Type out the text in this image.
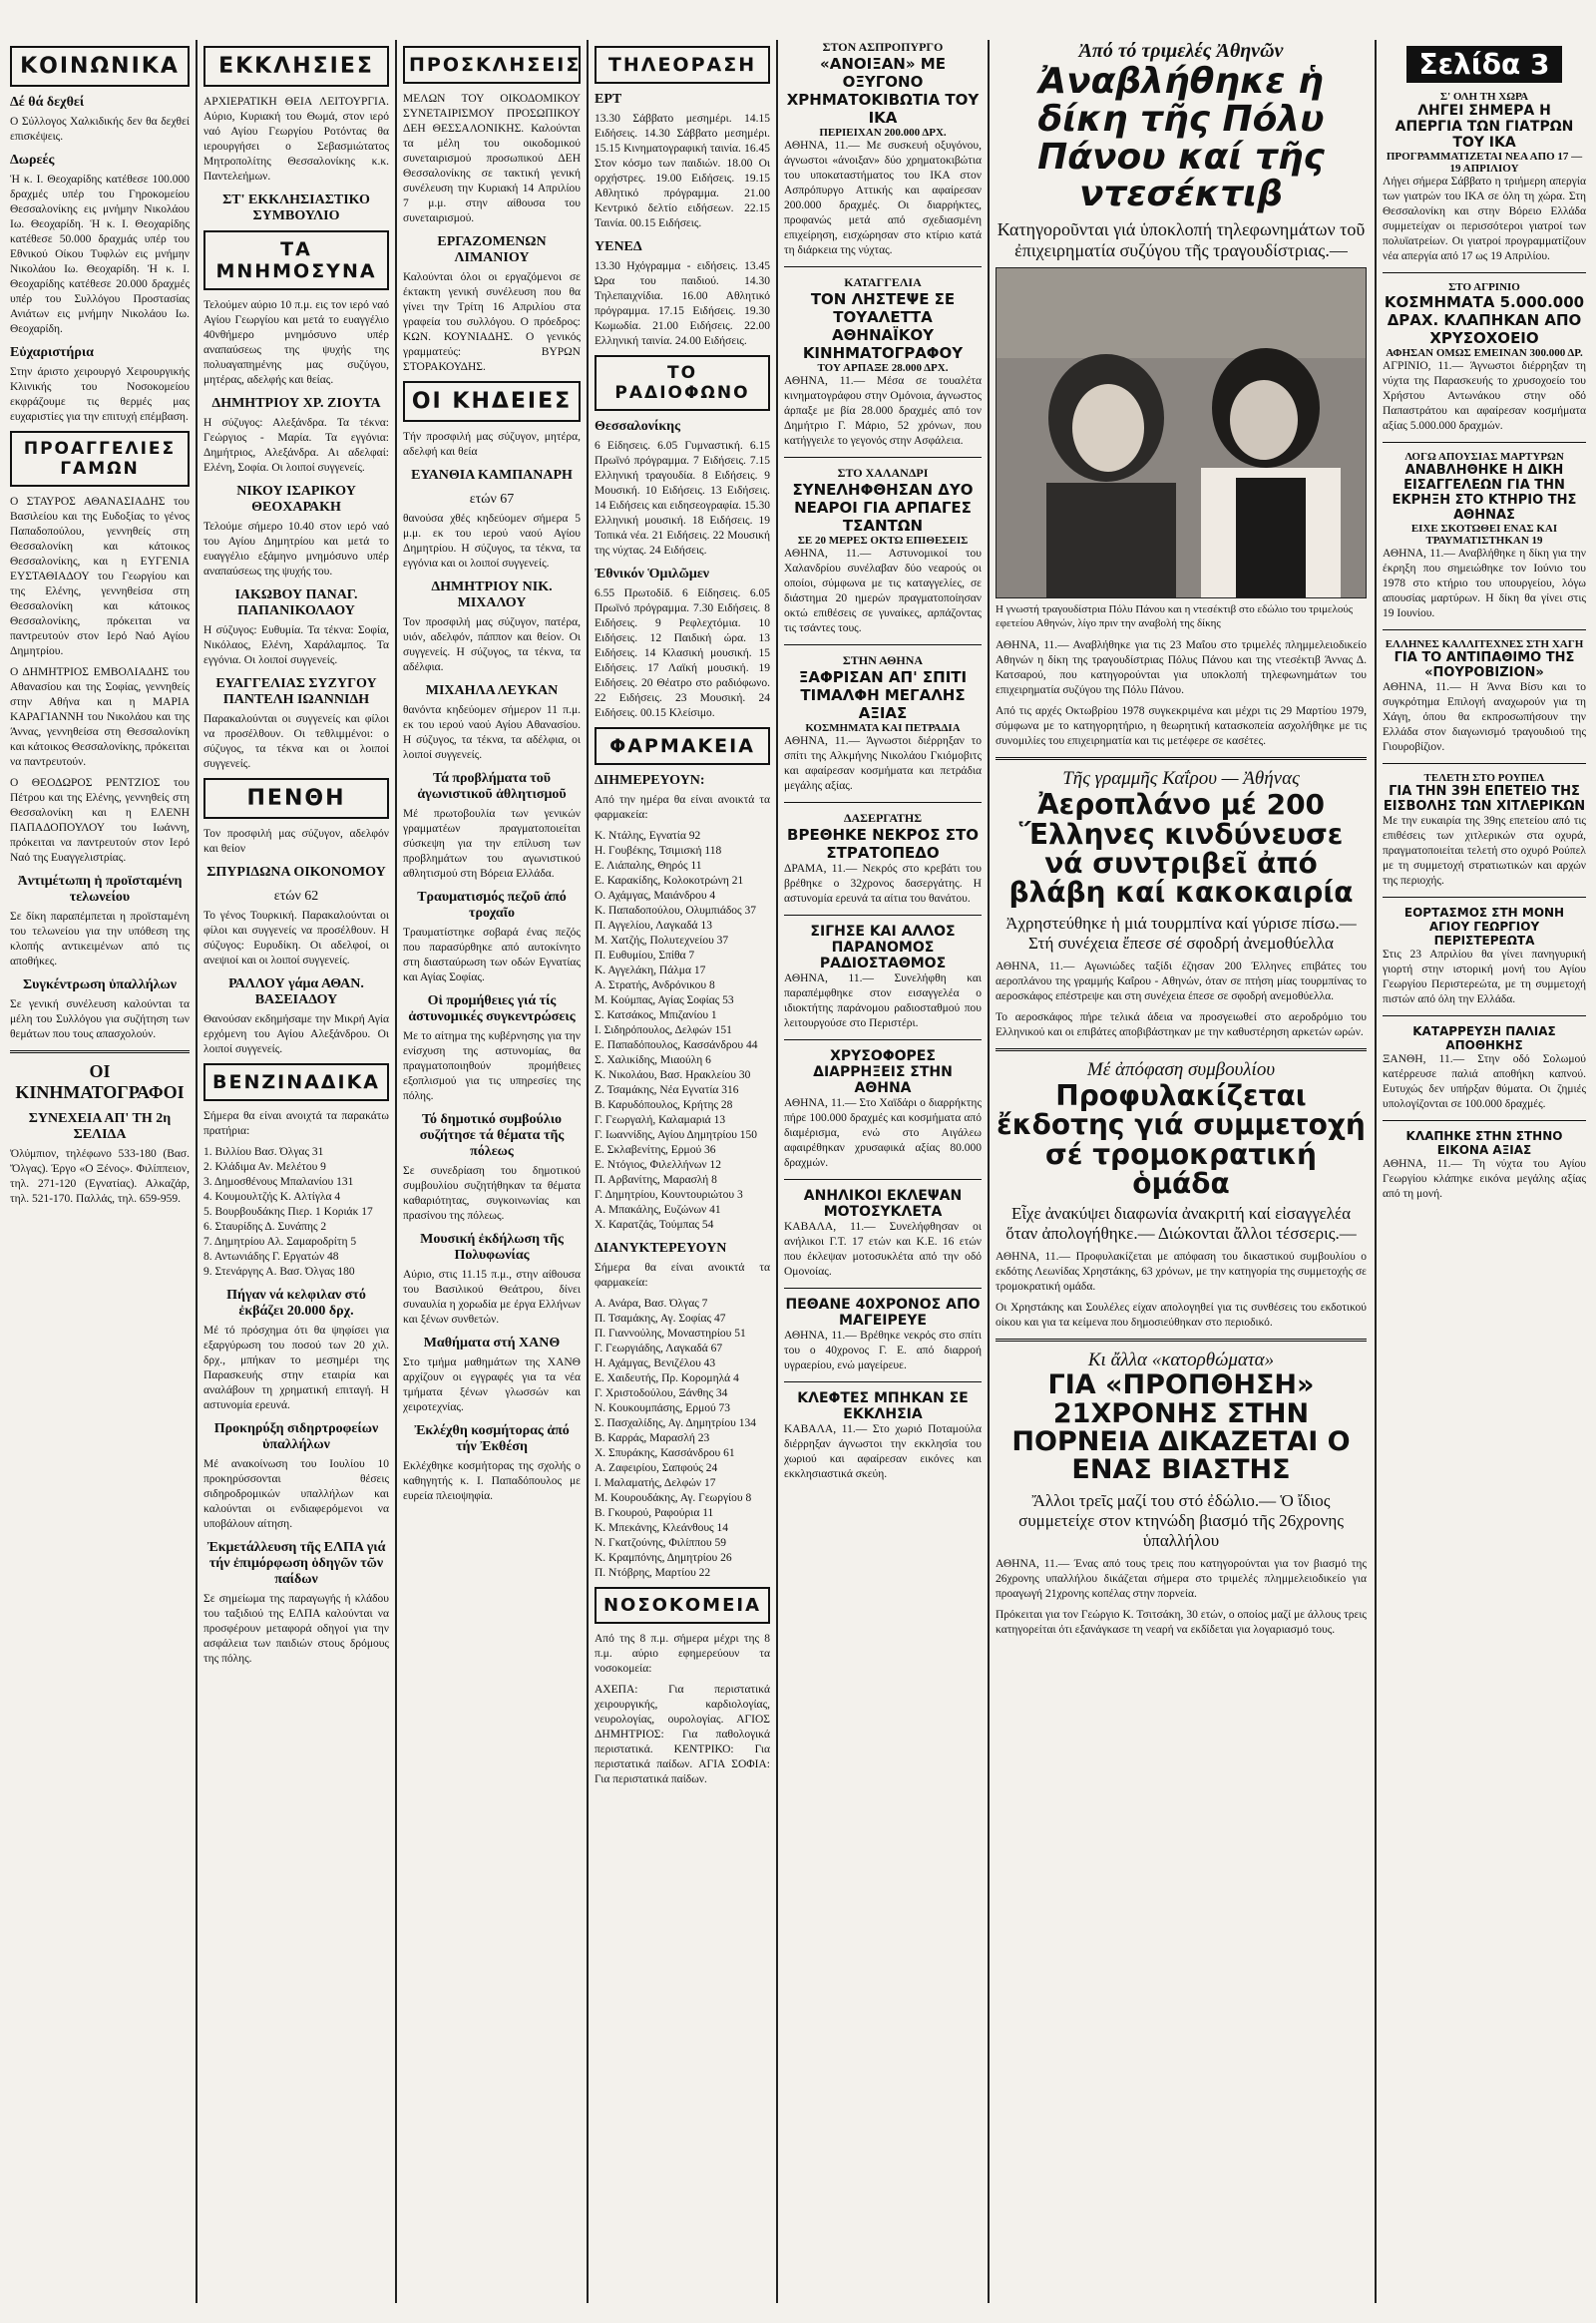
ΚΟΙΝΩΝΙΚΑ
Δέ θά δεχθεί
Ο Σύλλογος Χαλκιδικής δεν θα δεχθεί επισκέψεις.
Δωρεές
Ἡ κ. Ι. Θεοχαρίδης κατέθεσε 100.000 δραχμές υπέρ του Γηροκομείου Θεσσαλονίκης εις μνήμην Νικολάου Ιω. Θεοχαρίδη. Ἡ κ. Ι. Θεοχαρίδης κατέθεσε 50.000 δραχμάς υπέρ του Εθνικού Οίκου Τυφλών εις μνήμην Νικολάου Ιω. Θεοχαρίδη. Ἡ κ. Ι. Θεοχαρίδης κατέθεσε 20.000 δραχμές υπέρ του Συλλόγου Προστασίας Ανιάτων εις μνήμην Νικολάου Ιω. Θεοχαρίδη.
Εὐχαριστήρια
Στην άριστο χειρουργό Χειρουργικής Κλινικής του Νοσοκομείου εκφράζουμε τις θερμές μας ευχαριστίες για την επιτυχή επέμβαση.
ΠΡΟΑΓΓΕΛΙΕΣ ΓΑΜΩΝ
Ο ΣΤΑΥΡΟΣ ΑΘΑΝΑΣΙΑΔΗΣ του Βασιλείου και της Ευδοξίας το γένος Παπαδοπούλου, γεννηθείς στη Θεσσαλονίκη και κάτοικος Θεσσαλονίκης, και η ΕΥΓΕΝΙΑ ΕΥΣΤΑΘΙΑΔΟΥ του Γεωργίου και της Ελένης, γεννηθείσα στη Θεσσαλονίκη και κάτοικος Θεσσαλονίκης, πρόκειται να παντρευτούν στον Ιερό Ναό Αγίου Δημητρίου.
Ο ΔΗΜΗΤΡΙΟΣ ΕΜΒΟΛΙΑΔΗΣ του Αθανασίου και της Σοφίας, γεννηθείς στην Αθήνα και η ΜΑΡΙΑ ΚΑΡΑΓΙΑΝΝΗ του Νικολάου και της Άννας, γεννηθείσα στη Θεσσαλονίκη και κάτοικος Θεσσαλονίκης, πρόκειται να παντρευτούν.
Ο ΘΕΟΔΩΡΟΣ ΡΕΝΤΖΙΟΣ του Πέτρου και της Ελένης, γεννηθείς στη Θεσσαλονίκη και η ΕΛΕΝΗ ΠΑΠΑΔΟΠΟΥΛΟΥ του Ιωάννη, πρόκειται να παντρευτούν στον Ιερό Ναό της Ευαγγελιστρίας.
Ἀντιμέτωπη ἡ προϊσταμένη τελωνείου
Σε δίκη παραπέμπεται η προϊσταμένη του τελωνείου για την υπόθεση της κλοπής αντικειμένων από τις αποθήκες.
Συγκέντρωση ὑπαλλήλων
Σε γενική συνέλευση καλούνται τα μέλη του Συλλόγου για συζήτηση των θεμάτων που τους απασχολούν.
ΟΙ ΚΙΝΗΜΑΤΟΓΡΑΦΟΙ
ΣΥΝΕΧΕΙΑ ΑΠ' ΤΗ 2η ΣΕΛΙΔΑ
Ὀλύμπιον, τηλέφωνο 533-180 (Βασ. Ὄλγας). Έργο «Ο Ξένος». Φιλίππειον, τηλ. 271-120 (Εγνατίας). Αλκαζάρ, τηλ. 521-170. Παλλάς, τηλ. 659-959.
ΕΚΚΛΗΣΙΕΣ
ΑΡΧΙΕΡΑΤΙΚΗ ΘΕΙΑ ΛΕΙΤΟΥΡΓΙΑ. Αύριο, Κυριακή του Θωμά, στον ιερό ναό Αγίου Γεωργίου Ροτόντας θα ιερουργήσει ο Σεβασμιώτατος Μητροπολίτης Θεσσαλονίκης κ.κ. Παντελεήμων.
ΣΤ' ΕΚΚΛΗΣΙΑΣΤΙΚΟ ΣΥΜΒΟΥΛΙΟ
ΤΑ ΜΝΗΜΟΣΥΝΑ
Τελούμεν αύριο 10 π.μ. εις τον ιερό ναό Αγίου Γεωργίου και μετά το ευαγγέλιο 40νθήμερο μνημόσυνο υπέρ αναπαύσεως της ψυχής της πολυαγαπημένης μας συζύγου, μητέρας, αδελφής και θείας.
ΔΗΜΗΤΡΙΟΥ ΧΡ. ΖΙΟΥΤΑ
Η σύζυγος: Αλεξάνδρα. Τα τέκνα: Γεώργιος - Μαρία. Τα εγγόνια: Δημήτριος, Αλεξάνδρα. Αι αδελφαί: Ελένη, Σοφία. Οι λοιποί συγγενείς.
ΝΙΚΟΥ ΙΣΑΡΙΚΟΥ ΘΕΟΧΑΡΑΚΗ
Τελούμε σήμερο 10.40 στον ιερό ναό του Αγίου Δημητρίου και μετά το ευαγγέλιο εξάμηνο μνημόσυνο υπέρ αναπαύσεως της ψυχής του.
ΙΑΚΩΒΟΥ ΠΑΝΑΓ. ΠΑΠΑΝΙΚΟΛΑΟΥ
Η σύζυγος: Ευθυμία. Τα τέκνα: Σοφία, Νικόλαος, Ελένη, Χαράλαμπος. Τα εγγόνια. Οι λοιποί συγγενείς.
ΕΥΑΓΓΕΛΙΑΣ ΣΥΖΥΓΟΥ ΠΑΝΤΕΛΗ ΙΩΑΝΝΙΔΗ
Παρακαλούνται οι συγγενείς και φίλοι να προσέλθουν. Οι τεθλιμμένοι: ο σύζυγος, τα τέκνα και οι λοιποί συγγενείς.
ΠΕΝΘΗ
Τον προσφιλή μας σύζυγον, αδελφόν και θείον
ΣΠΥΡΙΔΩΝΑ ΟΙΚΟΝΟΜΟΥ
ετών 62
Το γένος Τουρκική. Παρακαλούνται οι φίλοι και συγγενείς να προσέλθουν. Η σύζυγος: Ευρυδίκη. Οι αδελφοί, οι ανεψιοί και οι λοιποί συγγενείς.
ΡΑΛΛΟΥ γάμα ΑΘΑΝ. ΒΑΣΕΙΑΔΟΥ
Θανούσαν εκδημήσαμε την Μικρή Αγία ερχόμενη του Αγίου Αλεξάνδρου. Οι λοιποί συγγενείς.
ΒΕΝΖΙΝΑΔΙΚΑ
Σήμερα θα είναι ανοιχτά τα παρακάτω πρατήρια:
1. Βιλλίου Βασ. Όλγας 31
2. Κλάδιμα Αν. Μελέτου 9
3. Δημοσθένους Μπαλανίου 131
4. Κουμουλτζής Κ. Αλτίγλα 4
5. Βουρβουδάκης Πιερ. 1 Κοριάκ 17
6. Σταυρίδης Δ. Συνάπης 2
7. Δημητρίου Αλ. Σαμαροδρίτη 5
8. Αντωνιάδης Γ. Εργατών 48
9. Στενάργης Α. Βασ. Όλγας 180
Πήγαν νά κελφιλαν στό ἐκβάζει 20.000 δρχ.
Μέ τό πρόσχημα ότι θα ψηφίσει για εξαργύρωση του ποσού των 20 χιλ. δρχ., μπήκαν το μεσημέρι της Παρασκευής στην εταιρία και αναλάβουν τη χρηματική επιταγή. Η αστυνομία ερευνά.
Προκηρύξη σιδηρτροφείων ὑπαλλήλων
Μέ ανακοίνωση του Ιουλίου 10 προκηρύσσονται θέσεις σιδηροδρομικών υπαλλήλων και καλούνται οι ενδιαφερόμενοι να υποβάλουν αίτηση.
Ἐκμετάλλευση τῆς ΕΛΠΑ γιά τήν ἐπιμόρφωση ὁδηγῶν τῶν παίδων
Σε σημείωμα της παραγωγής ή κλάδου του ταξιδιού της ΕΛΠΑ καλούνται να προσφέρουν μεταφορά οδηγοί για την ασφάλεια των παιδιών στους δρόμους της πόλης.
ΠΡΟΣΚΛΗΣΕΙΣ
ΜΕΛΩΝ ΤΟΥ ΟΙΚΟΔΟΜΙΚΟΥ ΣΥΝΕΤΑΙΡΙΣΜΟΥ ΠΡΟΣΩΠΙΚΟΥ ΔΕΗ ΘΕΣΣΑΛΟΝΙΚΗΣ. Καλούνται τα μέλη του οικοδομικού συνεταιρισμού προσωπικού ΔΕΗ Θεσσαλονίκης σε τακτική γενική συνέλευση την Κυριακή 14 Απριλίου 7 μ.μ. στην αίθουσα του συνεταιρισμού.
ΕΡΓΑΖΟΜΕΝΩΝ ΛΙΜΑΝΙΟΥ
Καλούνται όλοι οι εργαζόμενοι σε έκτακτη γενική συνέλευση που θα γίνει την Τρίτη 16 Απριλίου στα γραφεία του συλλόγου. Ο πρόεδρος: ΚΩΝ. ΚΟΥΝΙΑΔΗΣ. Ο γενικός γραμματεύς: ΒΥΡΩΝ ΣΤΟΡΑΚΟΥΔΗΣ.
ΟΙ ΚΗΔΕΙΕΣ
Τήν προσφιλή μας σύζυγον, μητέρα, αδελφή και θεία
ΕΥΑΝΘΙΑ ΚΑΜΠΑΝΑΡΗ
ετών 67
θανούσα χθές κηδεύομεν σήμερα 5 μ.μ. εκ του ιερού ναού Αγίου Δημητρίου. Η σύζυγος, τα τέκνα, τα εγγόνια και οι λοιποί συγγενείς.
ΔΗΜΗΤΡΙΟΥ ΝΙΚ. ΜΙΧΑΛΟΥ
Τον προσφιλή μας σύζυγον, πατέρα, υιόν, αδελφόν, πάππον και θείον. Οι συγγενείς. Η σύζυγος, τα τέκνα, τα αδέλφια.
ΜΙΧΑΗΛΑ ΛΕΥΚΑΝ
θανόντα κηδεύομεν σήμερον 11 π.μ. εκ του ιερού ναού Αγίου Αθανασίου. Η σύζυγος, τα τέκνα, τα αδέλφια, οι λοιποί συγγενείς.
Τά προβλήματα τοῦ ἀγωνιστικοῦ ἀθλητισμοῦ
Μέ πρωτοβουλία των γενικών γραμματέων πραγματοποιείται σύσκεψη για την επίλυση των προβλημάτων του αγωνιστικού αθλητισμού στη Βόρεια Ελλάδα.
Τραυματισμός πεζοῦ ἀπό τροχαῖο
Τραυματίστηκε σοβαρά ένας πεζός που παρασύρθηκε από αυτοκίνητο στη διασταύρωση των οδών Εγνατίας και Αγίας Σοφίας.
Οἱ προμήθειες γιά τίς ἀστυνομικές συγκεντρώσεις
Με το αίτημα της κυβέρνησης για την ενίσχυση της αστυνομίας, θα πραγματοποιηθούν προμήθειες εξοπλισμού για τις υπηρεσίες της πόλης.
Τό δημοτικό συμβούλιο συζήτησε τά θέματα τῆς πόλεως
Σε συνεδρίαση του δημοτικού συμβουλίου συζητήθηκαν τα θέματα καθαριότητας, συγκοινωνίας και πρασίνου της πόλεως.
Μουσική ἐκδήλωση τῆς Πολυφωνίας
Αύριο, στις 11.15 π.μ., στην αίθουσα του Βασιλικού Θεάτρου, δίνει συναυλία η χορωδία με έργα Ελλήνων και ξένων συνθετών.
Μαθήματα στή ΧΑΝΘ
Στο τμήμα μαθημάτων της ΧΑΝΘ αρχίζουν οι εγγραφές για τα νέα τμήματα ξένων γλωσσών και χειροτεχνίας.
Ἐκλέχθη κοσμήτορας ἀπό τήν Ἐκθέση
Εκλέχθηκε κοσμήτορας της σχολής ο καθηγητής κ. Ι. Παπαδόπουλος με ευρεία πλειοψηφία.
ΤΗΛΕΟΡΑΣΗ
ΕΡΤ
13.30 Σάββατο μεσημέρι. 14.15 Ειδήσεις. 14.30 Σάββατο μεσημέρι. 15.15 Κινηματογραφική ταινία. 16.45 Στον κόσμο των παιδιών. 18.00 Οι ορχήστρες. 19.00 Ειδήσεις. 19.15 Αθλητικό πρόγραμμα. 21.00 Κεντρικό δελτίο ειδήσεων. 22.15 Ταινία. 00.15 Ειδήσεις.
ΥΕΝΕΔ
13.30 Ηχόγραμμα - ειδήσεις. 13.45 Ώρα του παιδιού. 14.30 Τηλεπαιχνίδια. 16.00 Αθλητικό πρόγραμμα. 17.15 Ειδήσεις. 19.30 Κωμωδία. 21.00 Ειδήσεις. 22.00 Ελληνική ταινία. 24.00 Ειδήσεις.
ΤΟ ΡΑΔΙΟΦΩΝΟ
Θεσσαλονίκης
6 Είδησεις. 6.05 Γυμναστική. 6.15 Πρωϊνό πρόγραμμα. 7 Ειδήσεις. 7.15 Ελληνική τραγουδία. 8 Ειδήσεις. 9 Μουσική. 10 Ειδήσεις. 13 Ειδήσεις. 14 Ειδήσεις και ειδησεογραφία. 15.30 Ελληνική μουσική. 18 Ειδήσεις. 19 Τοπικά νέα. 21 Ειδήσεις. 22 Μουσική της νύχτας. 24 Ειδήσεις.
Ἐθνικόν Ὁμιλῶμεν
6.55 Πρωτοδίδ. 6 Είδησεις. 6.05 Πρωϊνό πρόγραμμα. 7.30 Ειδήσεις. 8 Ειδήσεις. 9 Ρεφλεχτόμια. 10 Ειδήσεις. 12 Παιδική ώρα. 13 Ειδήσεις. 14 Κλασική μουσική. 15 Ειδήσεις. 17 Λαϊκή μουσική. 19 Ειδήσεις. 20 Θέατρο στο ραδιόφωνο. 22 Ειδήσεις. 23 Μουσική. 24 Ειδήσεις. 00.15 Κλείσιμο.
ΦΑΡΜΑΚΕΙΑ
ΔΙΗΜΕΡΕΥΟΥΝ:
Από την ημέρα θα είναι ανοικτά τα φαρμακεία:
Κ. Ντάλης, Εγνατία 92
Η. Γουβέκης, Τσιμισκή 118
Ε. Λιάπαλης, Θηρός 11
Ε. Καρακίδης, Κολοκοτρώνη 21
Ο. Αχάμγας, Μαιάνδρου 4
Κ. Παπαδοπούλου, Ολυμπιάδος 37
Π. Αγγελίου, Λαγκαδά 13
Μ. Χατζής, Πολυτεχνείου 37
Π. Ευθυμίου, Σπίθα 7
Κ. Αγγελάκη, Πάλμα 17
Α. Στρατής, Ανδρόνικου 8
Μ. Κούμπας, Αγίας Σοφίας 53
Σ. Κατσάκος, Μπιζανίου 1
Ι. Σιδηρόπουλος, Δελφών 151
Ε. Παπαδόπουλος, Κασσάνδρου 44
Σ. Χαλικίδης, Μιαούλη 6
Κ. Νικολάου, Βασ. Ηρακλείου 30
Ζ. Τσαμάκης, Νέα Εγνατία 316
Β. Καρυδόπουλος, Κρήτης 28
Γ. Γεωργαλή, Καλαμαριά 13
Γ. Ιωαννίδης, Αγίου Δημητρίου 150
Ε. Σκλαβενίτης, Ερμού 36
Ε. Ντόγιος, Φιλελλήνων 12
Π. Αρβανίτης, Μαρασλή 8
Γ. Δημητρίου, Κουντουριώτου 3
Α. Μπακάλης, Ευζώνων 41
Χ. Καρατζάς, Τούμπας 54
ΔΙΑΝΥΚΤΕΡΕΥΟΥΝ
Σήμερα θα είναι ανοικτά τα φαρμακεία:
Α. Ανάρα, Βασ. Όλγας 7
Π. Τσαμάκης, Αγ. Σοφίας 47
Π. Γιαννούλης, Μοναστηρίου 51
Γ. Γεωργιάδης, Λαγκαδά 67
Η. Αχάμγας, Βενιζέλου 43
Ε. Χαιδευτής, Πρ. Κορομηλά 4
Γ. Χριστοδούλου, Ξάνθης 34
Ν. Κουκουμπάσης, Ερμού 73
Σ. Πασχαλίδης, Αγ. Δημητρίου 134
Β. Καρράς, Μαρασλή 23
Χ. Σπυράκης, Κασσάνδρου 61
Α. Ζαφειρίου, Σαπφούς 24
Ι. Μαλαματής, Δελφών 17
Μ. Κουρουδάκης, Αγ. Γεωργίου 8
Β. Γκουρού, Ραφούρια 11
Κ. Μπεκάνης, Κλεάνθους 14
Ν. Γκατζούνης, Φιλίππου 59
Κ. Κραμπόνης, Δημητρίου 26
Π. Ντόβρης, Μαρτίου 22
ΝΟΣΟΚΟΜΕΙΑ
Από της 8 π.μ. σήμερα μέχρι της 8 π.μ. αύριο εφημερεύουν τα νοσοκομεία:
ΑΧΕΠΑ: Για περιστατικά χειρουργικής, καρδιολογίας, νευρολογίας, ουρολογίας. ΑΓΙΟΣ ΔΗΜΗΤΡΙΟΣ: Για παθολογικά περιστατικά. ΚΕΝΤΡΙΚΟ: Για περιστατικά παίδων. ΑΓΙΑ ΣΟΦΙΑ: Για περιστατικά παίδων.
ΣΤΟΝ ΑΣΠΡΟΠΥΡΓΟ
«ΑΝΟΙΞΑΝ» ΜΕ ΟΞΥΓΟΝΟ ΧΡΗΜΑΤΟΚΙΒΩΤΙΑ ΤΟΥ ΙΚΑ
ΠΕΡΙΕΙΧΑΝ 200.000 ΔΡΧ.
ΑΘΗΝΑ, 11.— Με συσκευή οξυγόνου, άγνωστοι «άνοιξαν» δύο χρηματοκιβώτια του υποκαταστήματος του ΙΚΑ στον Ασπρόπυργο Αττικής και αφαίρεσαν 200.000 δραχμές. Οι διαρρήκτες, προφανώς μετά από σχεδιασμένη επιχείρηση, εισχώρησαν στο κτίριο κατά τη διάρκεια της νύχτας.
ΚΑΤΑΓΓΕΛΙΑ
ΤΟΝ ΛΗΣΤΕΨΕ ΣΕ ΤΟΥΑΛΕΤΤΑ ΑΘΗΝΑΪΚΟΥ ΚΙΝΗΜΑΤΟΓΡΑΦΟΥ
ΤΟΥ ΑΡΠΑΞΕ 28.000 ΔΡΧ.
ΑΘΗΝΑ, 11.— Μέσα σε τουαλέτα κινηματογράφου στην Ομόνοια, άγνωστος άρπαξε με βία 28.000 δραχμές από τον Δημήτριο Γ. Μάριο, 52 χρόνων, που κατήγγειλε το γεγονός στην Ασφάλεια.
ΣΤΟ ΧΑΛΑΝΔΡΙ
ΣΥΝΕΛΗΦΘΗΣΑΝ ΔΥΟ ΝΕΑΡΟΙ ΓΙΑ ΑΡΠΑΓΕΣ ΤΣΑΝΤΩΝ
ΣΕ 20 ΜΕΡΕΣ ΟΚΤΩ ΕΠΙΘΕΣΕΙΣ
ΑΘΗΝΑ, 11.— Αστυνομικοί του Χαλανδρίου συνέλαβαν δύο νεαρούς οι οποίοι, σύμφωνα με τις καταγγελίες, σε διάστημα 20 ημερών πραγματοποίησαν οκτώ επιθέσεις σε γυναίκες, αρπάζοντας τις τσάντες τους.
ΣΤΗΝ ΑΘΗΝΑ
ΞΑΦΡΙΣΑΝ ΑΠ' ΣΠΙΤΙ ΤΙΜΑΛΦΗ ΜΕΓΑΛΗΣ ΑΞΙΑΣ
ΚΟΣΜΗΜΑΤΑ ΚΑΙ ΠΕΤΡΑΔΙΑ
ΑΘΗΝΑ, 11.— Άγνωστοι διέρρηξαν το σπίτι της Αλκμήνης Νικολάου Γκιόμοβιτς και αφαίρεσαν κοσμήματα και πετράδια μεγάλης αξίας.
ΔΑΣΕΡΓΑΤΗΣ
ΒΡΕΘΗΚΕ ΝΕΚΡΟΣ ΣΤΟ ΣΤΡΑΤΟΠΕΔΟ
ΔΡΑΜΑ, 11.— Νεκρός στο κρεβάτι του βρέθηκε ο 32χρονος δασεργάτης. Η αστυνομία ερευνά τα αίτια του θανάτου.
ΣΙΓΗΣΕ ΚΑΙ ΑΛΛΟΣ ΠΑΡΑΝΟΜΟΣ ΡΑΔΙΟΣΤΑΘΜΟΣ
ΑΘΗΝΑ, 11.— Συνελήφθη και παραπέμφθηκε στον εισαγγελέα ο ιδιοκτήτης παράνομου ραδιοσταθμού που λειτουργούσε στο Περιστέρι.
ΧΡΥΣΟΦΟΡΕΣ ΔΙΑΡΡΗΞΕΙΣ ΣΤΗΝ ΑΘΗΝΑ
ΑΘΗΝΑ, 11.— Στο Χαϊδάρι ο διαρρήκτης πήρε 100.000 δραχμές και κοσμήματα από διαμέρισμα, ενώ στο Αιγάλεω αφαιρέθηκαν χρυσαφικά αξίας 80.000 δραχμών.
ΑΝΗΛΙΚΟΙ ΕΚΛΕΨΑΝ ΜΟΤΟΣΥΚΛΕΤΑ
ΚΑΒΑΛΑ, 11.— Συνελήφθησαν οι ανήλικοι Γ.Τ. 17 ετών και Κ.Ε. 16 ετών που έκλεψαν μοτοσυκλέτα από την οδό Ομονοίας.
ΠΕΘΑΝΕ 40ΧΡΟΝΟΣ ΑΠΟ ΜΑΓΕΙΡΕΥΕ
ΑΘΗΝΑ, 11.— Βρέθηκε νεκρός στο σπίτι του ο 40χρονος Γ. Ε. από διαρροή υγραερίου, ενώ μαγείρευε.
ΚΛΕΦΤΕΣ ΜΠΗΚΑΝ ΣΕ ΕΚΚΛΗΣΙΑ
ΚΑΒΑΛΑ, 11.— Στο χωριό Ποταμούλα διέρρηξαν άγνωστοι την εκκλησία του χωριού και αφαίρεσαν εικόνες και εκκλησιαστικά σκεύη.
Ἀπό τό τριμελές Ἀθηνῶν
Ἀναβλήθηκε ἡ δίκη τῆς Πόλυ Πάνου καί τῆς ντεσέκτιβ
Κατηγοροῦνται γιά ὑποκλοπή τηλεφωνημάτων τοῦ ἐπιχειρηματία συζύγου τῆς τραγουδίστριας.—
Η γνωστή τραγουδίστρια Πόλυ Πάνου και η ντεσέκτιβ στο εδώλιο του τριμελούς εφετείου Αθηνών, λίγο πριν την αναβολή της δίκης
ΑΘΗΝΑ, 11.— Αναβλήθηκε για τις 23 Μαΐου στο τριμελές πλημμελειοδικείο Αθηνών η δίκη της τραγουδίστριας Πόλυς Πάνου και της ντεσέκτιβ Άννας Δ. Κατσαρού, που κατηγορούνται για υποκλοπή τηλεφωνημάτων του επιχειρηματία συζύγου της Πόλυ Πάνου.
Από τις αρχές Οκτωβρίου 1978 συγκεκριμένα και μέχρι τις 29 Μαρτίου 1979, σύμφωνα με το κατηγορητήριο, η θεωρητική κατασκοπεία ασχολήθηκε με τις συνομιλίες του επιχειρηματία και τις μετέφερε σε κασέτες.
Τῆς γραμμῆς Καΐρου — Ἀθήνας
Ἀεροπλάνο μέ 200 Ἕλληνες κινδύνευσε νά συντριβεῖ ἀπό βλάβη καί κακοκαιρία
Ἀχρηστεύθηκε ἡ μιά τουρμπίνα καί γύρισε πίσω.— Στή συνέχεια ἔπεσε σέ σφοδρή ἀνεμοθύελλα
ΑΘΗΝΑ, 11.— Αγωνιώδες ταξίδι έζησαν 200 Έλληνες επιβάτες του αεροπλάνου της γραμμής Καΐρου - Αθηνών, όταν σε πτήση μίας τουρμπίνας το αεροσκάφος επέστρεψε και στη συνέχεια έπεσε σε σφοδρή ανεμοθύελλα.
Το αεροσκάφος πήρε τελικά άδεια να προσγειωθεί στο αεροδρόμιο του Ελληνικού και οι επιβάτες αποβιβάστηκαν με την καθυστέρηση αρκετών ωρών.
Μέ ἀπόφαση συμβουλίου
Προφυλακίζεται ἔκδοτης γιά συμμετοχή σέ τρομοκρατική ὁμάδα
Εἶχε ἀνακύψει διαφωνία ἀνακριτή καί εἰσαγγελέα ὅταν ἀπολογήθηκε.— Διώκονται ἄλλοι τέσσερις.—
ΑΘΗΝΑ, 11.— Προφυλακίζεται με απόφαση του δικαστικού συμβουλίου ο εκδότης Λεωνίδας Χρηστάκης, 63 χρόνων, με την κατηγορία της συμμετοχής σε τρομοκρατική ομάδα.
Οι Χρηστάκης και Σουλέλες είχαν απολογηθεί για τις συνθέσεις του εκδοτικού οίκου και για τα κείμενα που δημοσιεύθηκαν στο περιοδικό.
Κι ἄλλα «κατορθώματα»
ΓΙΑ «ΠΡΟΠΘΗΣΗ» 21ΧΡΟΝΗΣ ΣΤΗΝ ΠΟΡΝΕΙΑ ΔΙΚΑΖΕΤΑΙ Ο ΕΝΑΣ ΒΙΑΣΤΗΣ
Ἄλλοι τρεῖς μαζί του στό ἐδώλιο.— Ὁ ἴδιος συμμετείχε στον κτηνώδη βιασμό τῆς 26χρονης ὑπαλλήλου
ΑΘΗΝΑ, 11.— Ένας από τους τρεις που κατηγορούνται για τον βιασμό της 26χρονης υπαλλήλου δικάζεται σήμερα στο τριμελές πλημμελειοδικείο για προαγωγή 21χρονης κοπέλας στην πορνεία.
Πρόκειται για τον Γεώργιο Κ. Τσιτσάκη, 30 ετών, ο οποίος μαζί με άλλους τρεις κατηγορείται ότι εξανάγκασε τη νεαρή να εκδίδεται για λογαριασμό τους.
Σελίδα 3
Σ' ΟΛΗ ΤΗ ΧΩΡΑ
ΛΗΓΕΙ ΣΗΜΕΡΑ Η ΑΠΕΡΓΙΑ ΤΩΝ ΓΙΑΤΡΩΝ ΤΟΥ ΙΚΑ
ΠΡΟΓΡΑΜΜΑΤΙΖΕΤΑΙ ΝΕΑ ΑΠΟ 17 — 19 ΑΠΡΙΛΙΟΥ
Λήγει σήμερα Σάββατο η τριήμερη απεργία των γιατρών του ΙΚΑ σε όλη τη χώρα. Στη Θεσσαλονίκη και στην Βόρειο Ελλάδα συμμετείχαν οι περισσότεροι γιατροί των πολυϊατρείων. Οι γιατροί προγραμματίζουν νέα απεργία από 17 ως 19 Απριλίου.
ΣΤΟ ΑΓΡΙΝΙΟ
ΚΟΣΜΗΜΑΤΑ 5.000.000 ΔΡΑΧ. ΚΛΑΠΗΚΑΝ ΑΠΟ ΧΡΥΣΟΧΟΕΙΟ
ΑΦΗΣΑΝ ΟΜΩΣ ΕΜΕΙΝΑΝ 300.000 ΔΡ.
ΑΓΡΙΝΙΟ, 11.— Άγνωστοι διέρρηξαν τη νύχτα της Παρασκευής το χρυσοχοείο του Χρήστου Αντωνάκου στην οδό Παπαστράτου και αφαίρεσαν κοσμήματα αξίας 5.000.000 δραχμών.
ΛΟΓΩ ΑΠΟΥΣΙΑΣ ΜΑΡΤΥΡΩΝ
ΑΝΑΒΛΗΘΗΚΕ Η ΔΙΚΗ ΕΙΣΑΓΓΕΛΕΩΝ ΓΙΑ ΤΗΝ ΕΚΡΗΞΗ ΣΤΟ ΚΤΗΡΙΟ ΤΗΣ ΑΘΗΝΑΣ
ΕΙΧΕ ΣΚΟΤΩΘΕΙ ΕΝΑΣ ΚΑΙ ΤΡΑΥΜΑΤΙΣΤΗΚΑΝ 19
ΑΘΗΝΑ, 11.— Αναβλήθηκε η δίκη για την έκρηξη που σημειώθηκε τον Ιούνιο του 1978 στο κτήριο του υπουργείου, λόγω απουσίας μαρτύρων. Η δίκη θα γίνει στις 19 Ιουνίου.
ΕΛΛΗΝΕΣ ΚΑΛΛΙΤΕΧΝΕΣ ΣΤΗ ΧΑΓΗ
ΓΙΑ ΤΟ ΑΝΤΙΠΑΘΙΜΟ ΤΗΣ «ΠΟΥΡΟΒΙΖΙΟΝ»
ΑΘΗΝΑ, 11.— Η Άννα Βίσυ και το συγκρότημα Επιλογή αναχωρούν για τη Χάγη, όπου θα εκπροσωπήσουν την Ελλάδα στον διαγωνισμό τραγουδιού της Γιουροβίζιον.
ΤΕΛΕΤΗ ΣΤΟ ΡΟΥΠΕΛ
ΓΙΑ ΤΗΝ 39Η ΕΠΕΤΕΙΟ ΤΗΣ ΕΙΣΒΟΛΗΣ ΤΩΝ ΧΙΤΛΕΡΙΚΩΝ
Με την ευκαιρία της 39ης επετείου από τις επιθέσεις των χιτλερικών στα οχυρά, πραγματοποιείται τελετή στο οχυρό Ρούπελ με τη συμμετοχή στρατιωτικών και αρχών της περιοχής.
ΕΟΡΤΑΣΜΟΣ ΣΤΗ ΜΟΝΗ ΑΓΙΟΥ ΓΕΩΡΓΙΟΥ ΠΕΡΙΣΤΕΡΕΩΤΑ
Στις 23 Απριλίου θα γίνει πανηγυρική γιορτή στην ιστορική μονή του Αγίου Γεωργίου Περιστερεώτα, με τη συμμετοχή πιστών από όλη την Ελλάδα.
ΚΑΤΑΡΡΕΥΣΗ ΠΑΛΙΑΣ ΑΠΟΘΗΚΗΣ
ΞΑΝΘΗ, 11.— Στην οδό Σολωμού κατέρρευσε παλιά αποθήκη καπνού. Ευτυχώς δεν υπήρξαν θύματα. Οι ζημιές υπολογίζονται σε 100.000 δραχμές.
ΚΛΑΠΗΚΕ ΣΤΗΝ ΣΤΗΝΟ ΕΙΚΟΝΑ ΑΞΙΑΣ
ΑΘΗΝΑ, 11.— Τη νύχτα του Αγίου Γεωργίου κλάπηκε εικόνα μεγάλης αξίας από τη μονή.
